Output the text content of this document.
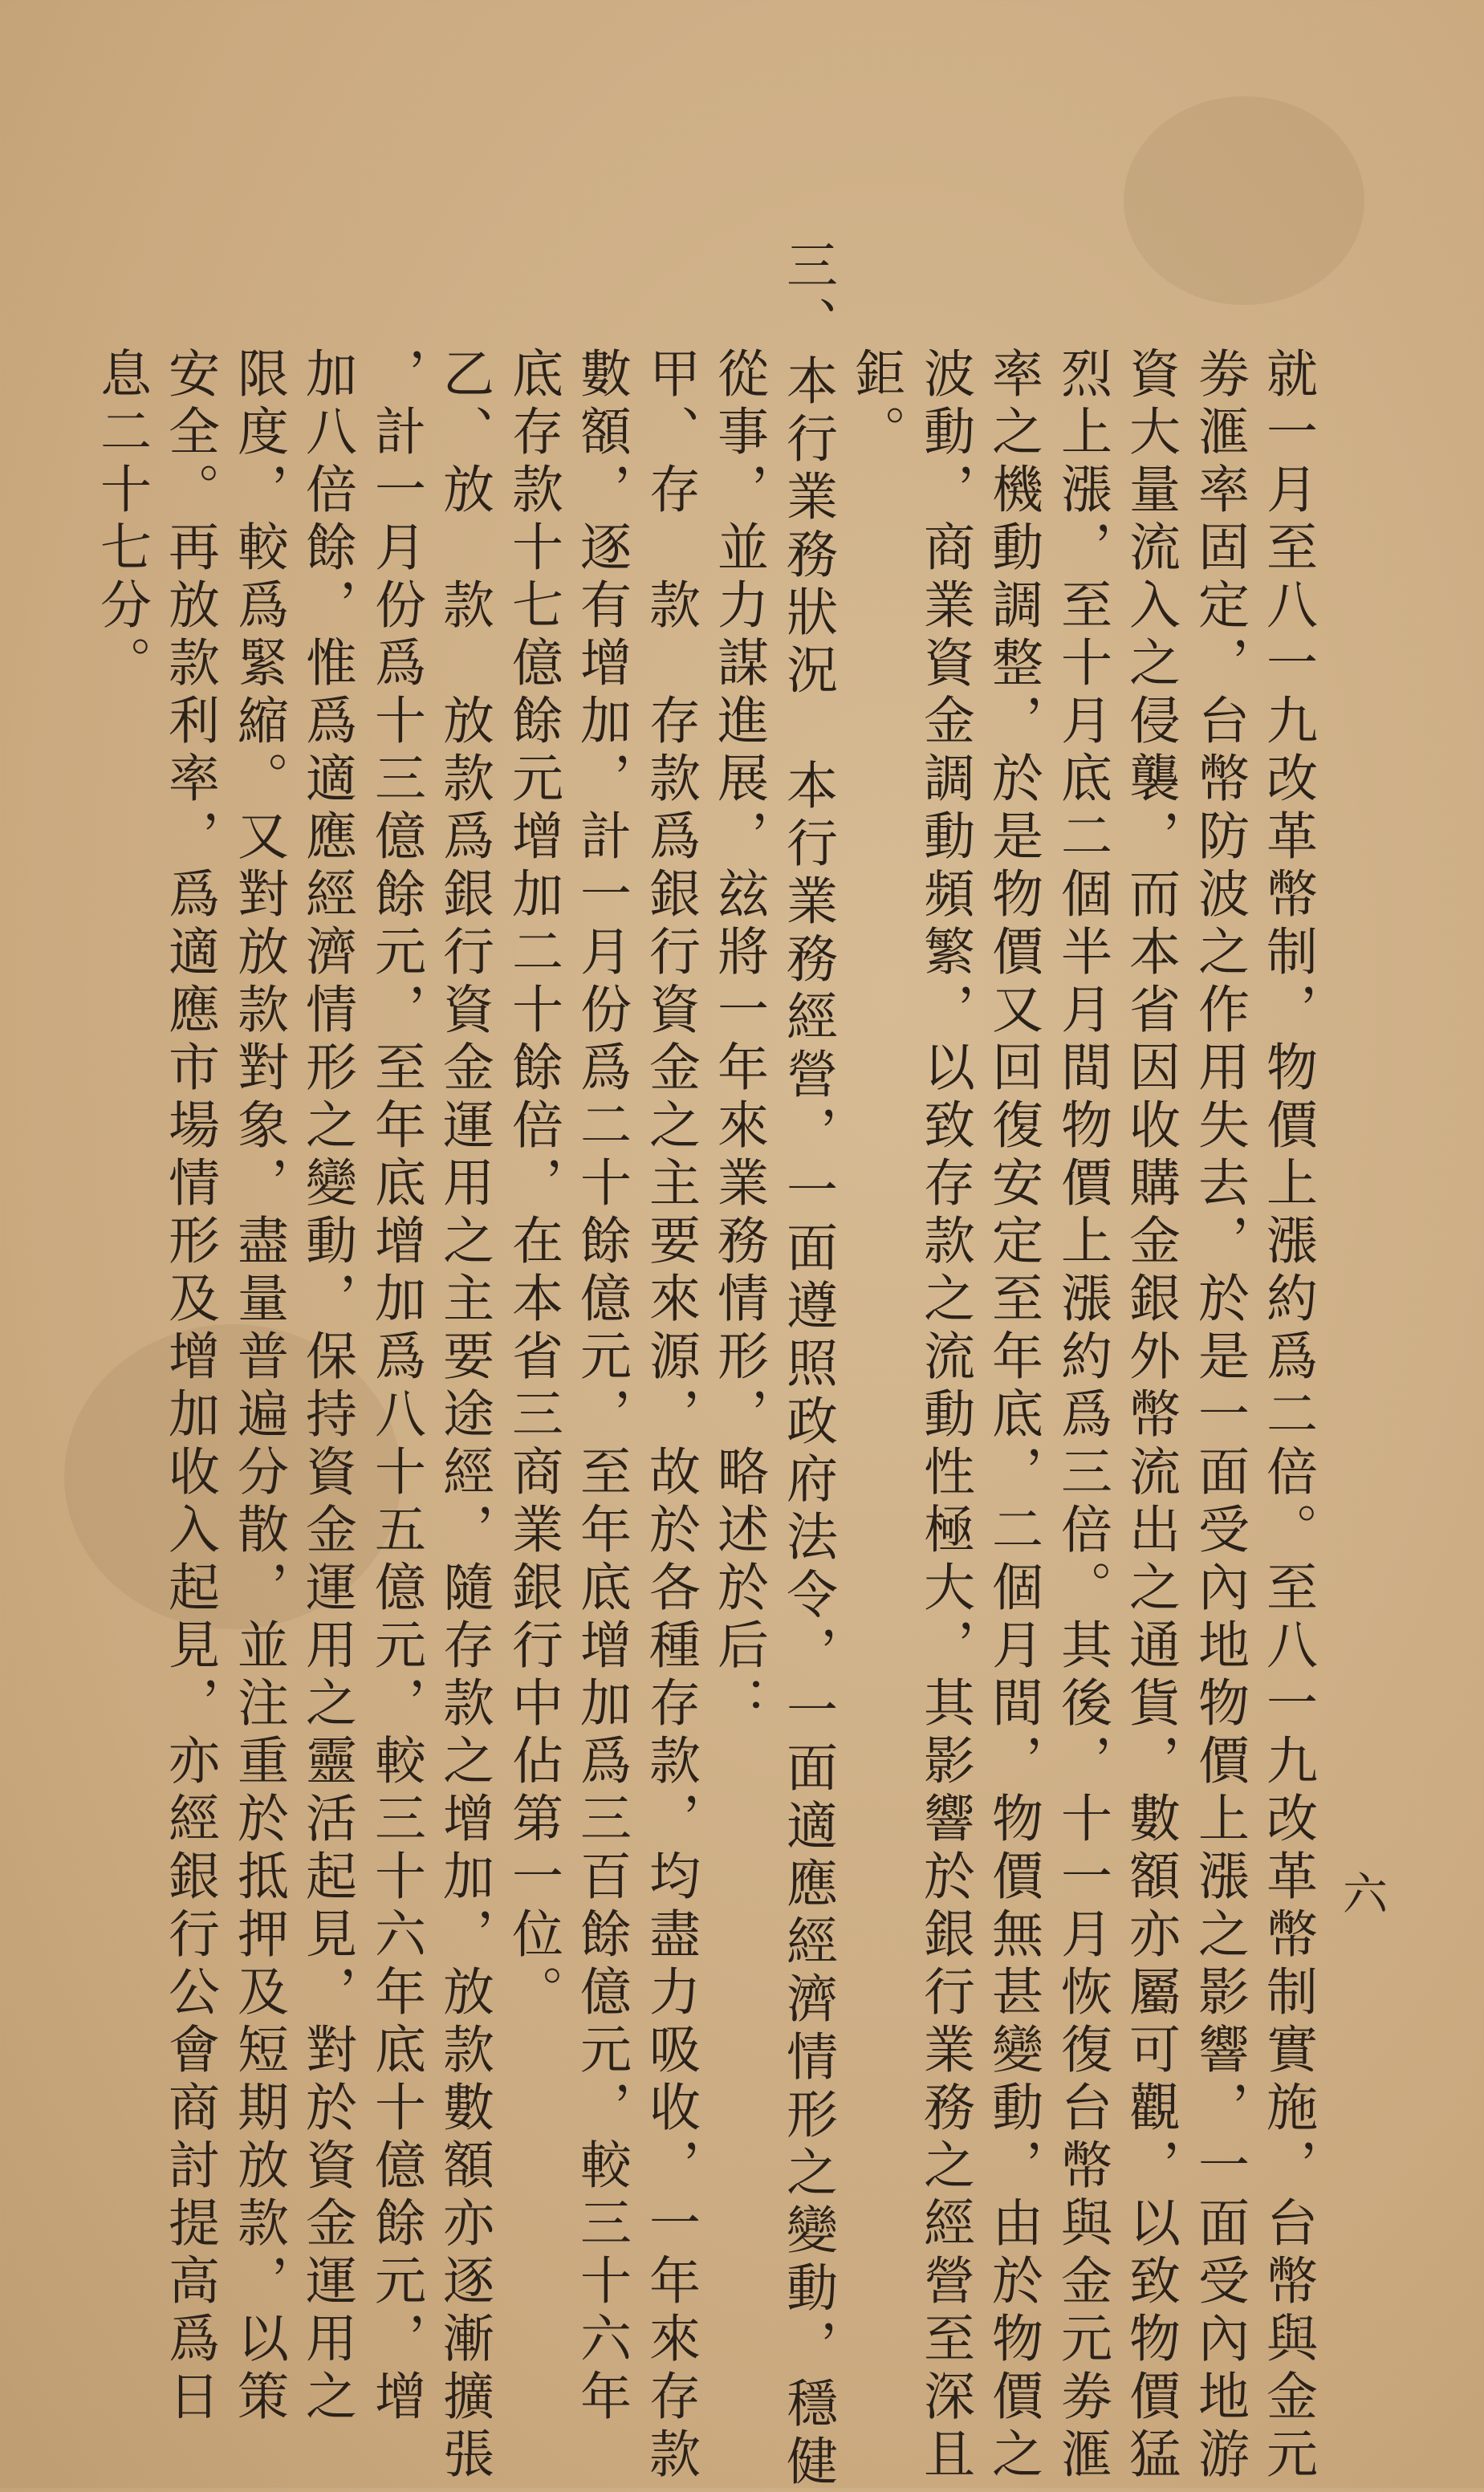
六
就一月至八一九改革幣制，物價上漲約爲二倍。至八一九改革幣制實施，台幣與金元
劵滙率固定，台幣防波之作用失去，於是一面受內地物價上漲之影響，一面受內地游
資大量流入之侵襲，而本省因收購金銀外幣流出之通貨，數額亦屬可觀，以致物價猛
烈上漲，至十月底二個半月間物價上漲約爲三倍。其後，十一月恢復台幣與金元劵滙
率之機動調整，於是物價又回復安定至年底，二個月間，物價無甚變動，由於物價之
波動，商業資金調動頻繁，以致存款之流動性極大，其影響於銀行業務之經營至深且
鉅。
三、本行業務狀況　本行業務經營，一面遵照政府法令，一面適應經濟情形之變動，穩健
從事，並力謀進展，玆將一年來業務情形，略述於后：
甲、存　款　存款爲銀行資金之主要來源，故於各種存款，均盡力吸收，一年來存款
數額，逐有增加，計一月份爲二十餘億元，至年底增加爲三百餘億元，較三十六年
底存款十七億餘元增加二十餘倍，在本省三商業銀行中佔第一位。
乙、放　款　放款爲銀行資金運用之主要途經，隨存款之增加，放款數額亦逐漸擴張
，計一月份爲十三億餘元，至年底增加爲八十五億元，較三十六年底十億餘元，增
加八倍餘，惟爲適應經濟情形之變動，保持資金運用之靈活起見，對於資金運用之
限度，較爲緊縮。又對放款對象，盡量普遍分散，並注重於抵押及短期放款，以策
安全。再放款利率，爲適應市場情形及增加收入起見，亦經銀行公會商討提高爲日
息二十七分。
